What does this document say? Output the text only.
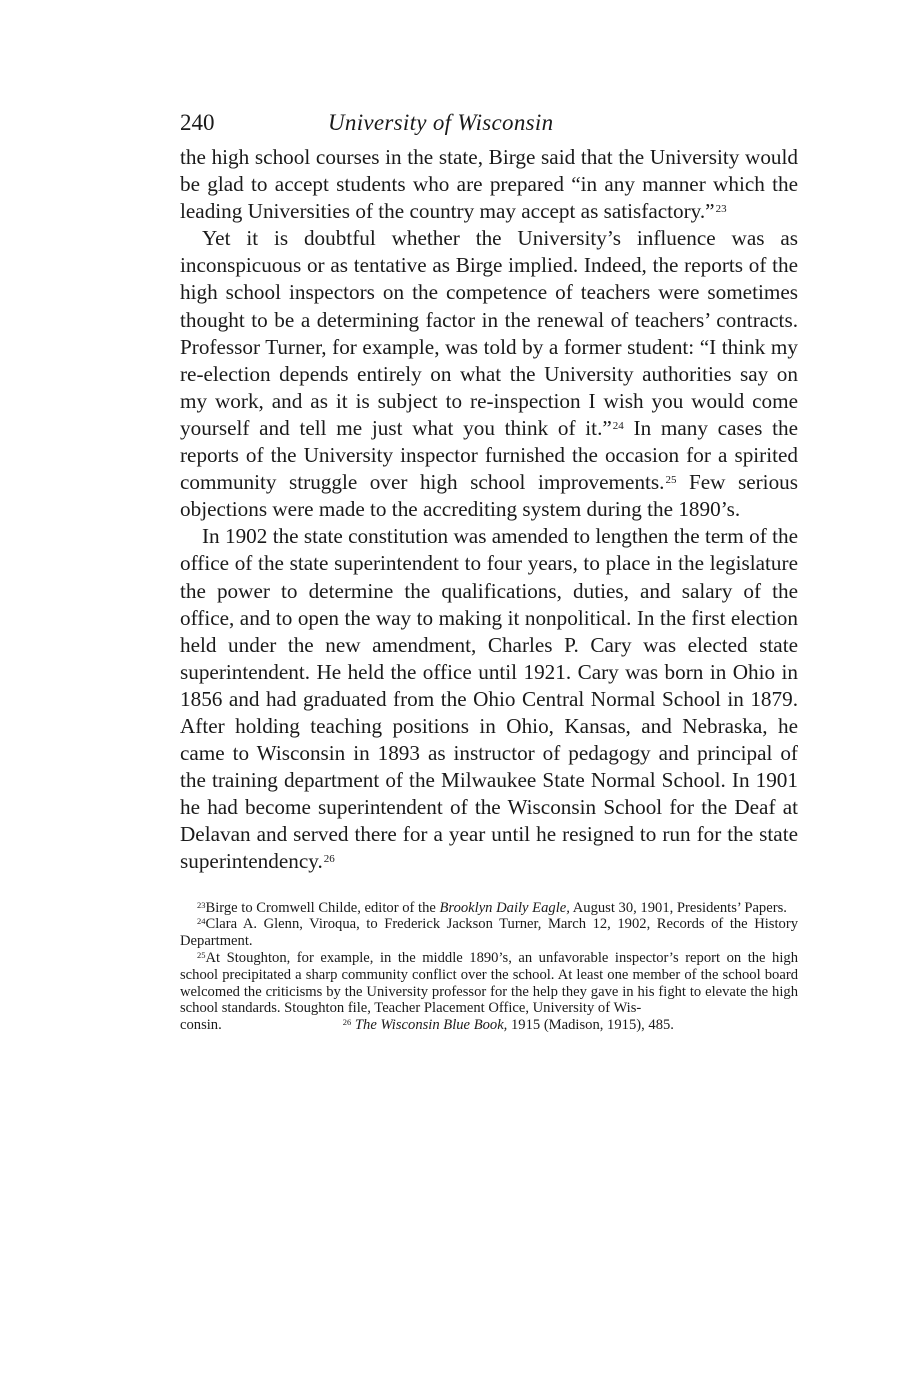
240	University of Wisconsin

the high school courses in the state, Birge said that the University would be glad to accept students who are prepared “in any manner which the leading Universities of the country may accept as satisfactory.”$^{23}$

Yet it is doubtful whether the University’s influence was as inconspicuous or as tentative as Birge implied. Indeed, the reports of the high school inspectors on the competence of teachers were sometimes thought to be a determining factor in the renewal of teachers’ contracts. Professor Turner, for example, was told by a former student: “I think my re-election depends entirely on what the University authorities say on my work, and as it is subject to re-inspection I wish you would come yourself and tell me just what you think of it.”$^{24}$ In many cases the reports of the University inspector furnished the occasion for a spirited community struggle over high school improvements.$^{25}$ Few serious objections were made to the accrediting system during the 1890’s.

In 1902 the state constitution was amended to lengthen the term of the office of the state superintendent to four years, to place in the legislature the power to determine the qualifications, duties, and salary of the office, and to open the way to making it nonpolitical. In the first election held under the new amendment, Charles P. Cary was elected state superintendent. He held the office until 1921. Cary was born in Ohio in 1856 and had graduated from the Ohio Central Normal School in 1879. After holding teaching positions in Ohio, Kansas, and Nebraska, he came to Wisconsin in 1893 as instructor of pedagogy and principal of the training department of the Milwaukee State Normal School. In 1901 he had become superintendent of the Wisconsin School for the Deaf at Delavan and served there for a year until he resigned to run for the state superintendency.$^{26}$

$^{23}$Birge to Cromwell Childe, editor of the Brooklyn Daily Eagle, August 30, 1901, Presidents’ Papers.

$^{24}$Clara A. Glenn, Viroqua, to Frederick Jackson Turner, March 12, 1902, Records of the History Department.

$^{25}$At Stoughton, for example, in the middle 1890’s, an unfavorable inspector’s report on the high school precipitated a sharp community conflict over the school. At least one member of the school board welcomed the criticisms by the University professor for the help they gave in his fight to elevate the high school standards. Stoughton file, Teacher Placement Office, University of Wis-

consin.	$^{26}$ The Wisconsin Blue Book, 1915 (Madison, 1915), 485.
